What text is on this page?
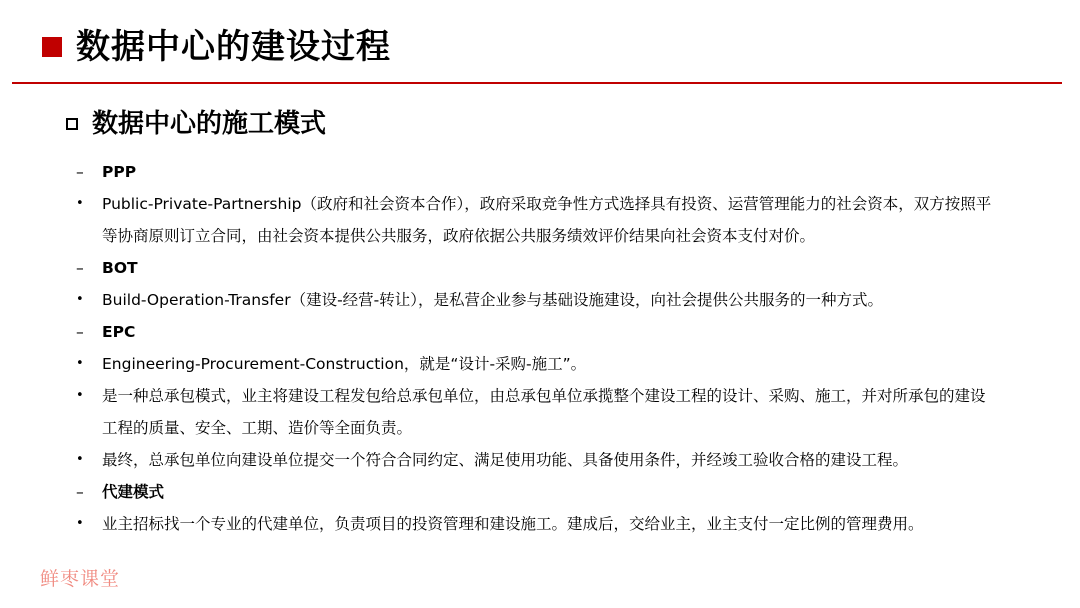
数据中心的建设过程
数据中心的施工模式
–	PPP
•	Public-Private-Partnership（政府和社会资本合作），政府采取竞争性方式选择具有投资、运营管理能力的社会资本，双方按照平等协商原则订立合同，由社会资本提供公共服务，政府依据公共服务绩效评价结果向社会资本支付对价。
–	BOT
•	Build-Operation-Transfer（建设-经营-转让），是私营企业参与基础设施建设，向社会提供公共服务的一种方式。
–	EPC
•	Engineering-Procurement-Construction，就是“设计-采购-施工”。
•	是一种总承包模式，业主将建设工程发包给总承包单位，由总承包单位承揽整个建设工程的设计、采购、施工，并对所承包的建设工程的质量、安全、工期、造价等全面负责。
•	最终，总承包单位向建设单位提交一个符合合同约定、满足使用功能、具备使用条件，并经竣工验收合格的建设工程。
–	代建模式
•	业主招标找一个专业的代建单位，负责项目的投资管理和建设施工。建成后，交给业主，业主支付一定比例的管理费用。
鲜枣课堂
